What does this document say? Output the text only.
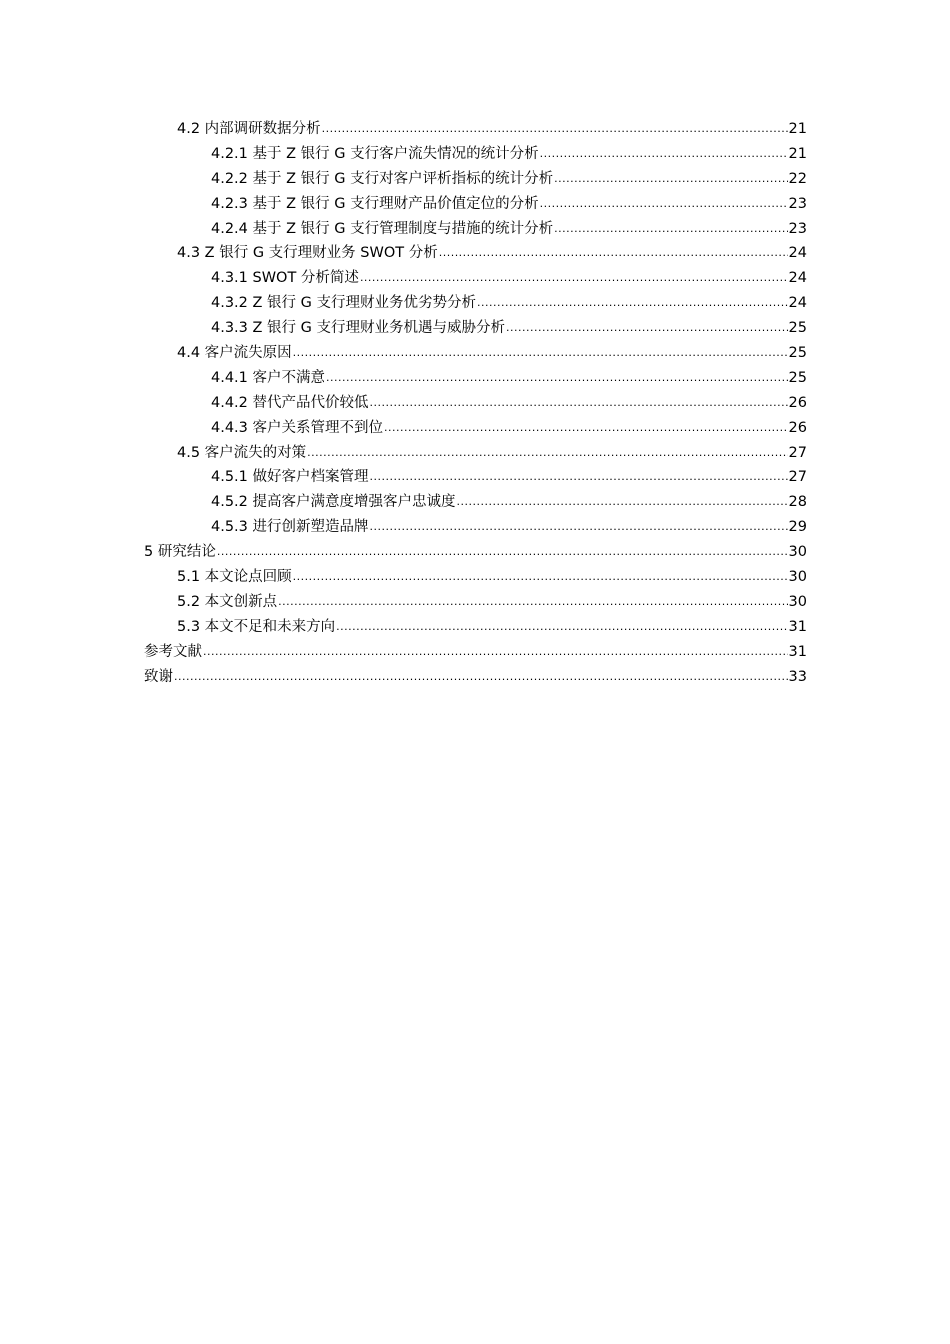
4.2 内部调研数据分析 .....	21
4.2.1 基于 Z 银行 G 支行客户流失情况的统计分析 .....	21
4.2.2 基于 Z 银行 G 支行对客户评析指标的统计分析 .....	22
4.2.3 基于 Z 银行 G 支行理财产品价值定位的分析 .....	23
4.2.4 基于 Z 银行 G 支行管理制度与措施的统计分析 .....	23
4.3 Z 银行 G 支行理财业务 SWOT 分析 .....	24
4.3.1 SWOT 分析简述 .....	24
4.3.2 Z 银行 G 支行理财业务优劣势分析 .....	24
4.3.3 Z 银行 G 支行理财业务机遇与威胁分析 .....	25
4.4 客户流失原因 .....	25
4.4.1 客户不满意 .....	25
4.4.2 替代产品代价较低 .....	26
4.4.3 客户关系管理不到位 .....	26
4.5 客户流失的对策 .....	27
4.5.1 做好客户档案管理 .....	27
4.5.2 提高客户满意度增强客户忠诚度 .....	28
4.5.3 进行创新塑造品牌 .....	29
5 研究结论 .....	30
5.1 本文论点回顾 .....	30
5.2 本文创新点 .....	30
5.3 本文不足和未来方向 .....	31
参考文献 .....	31
致谢 .....	33
